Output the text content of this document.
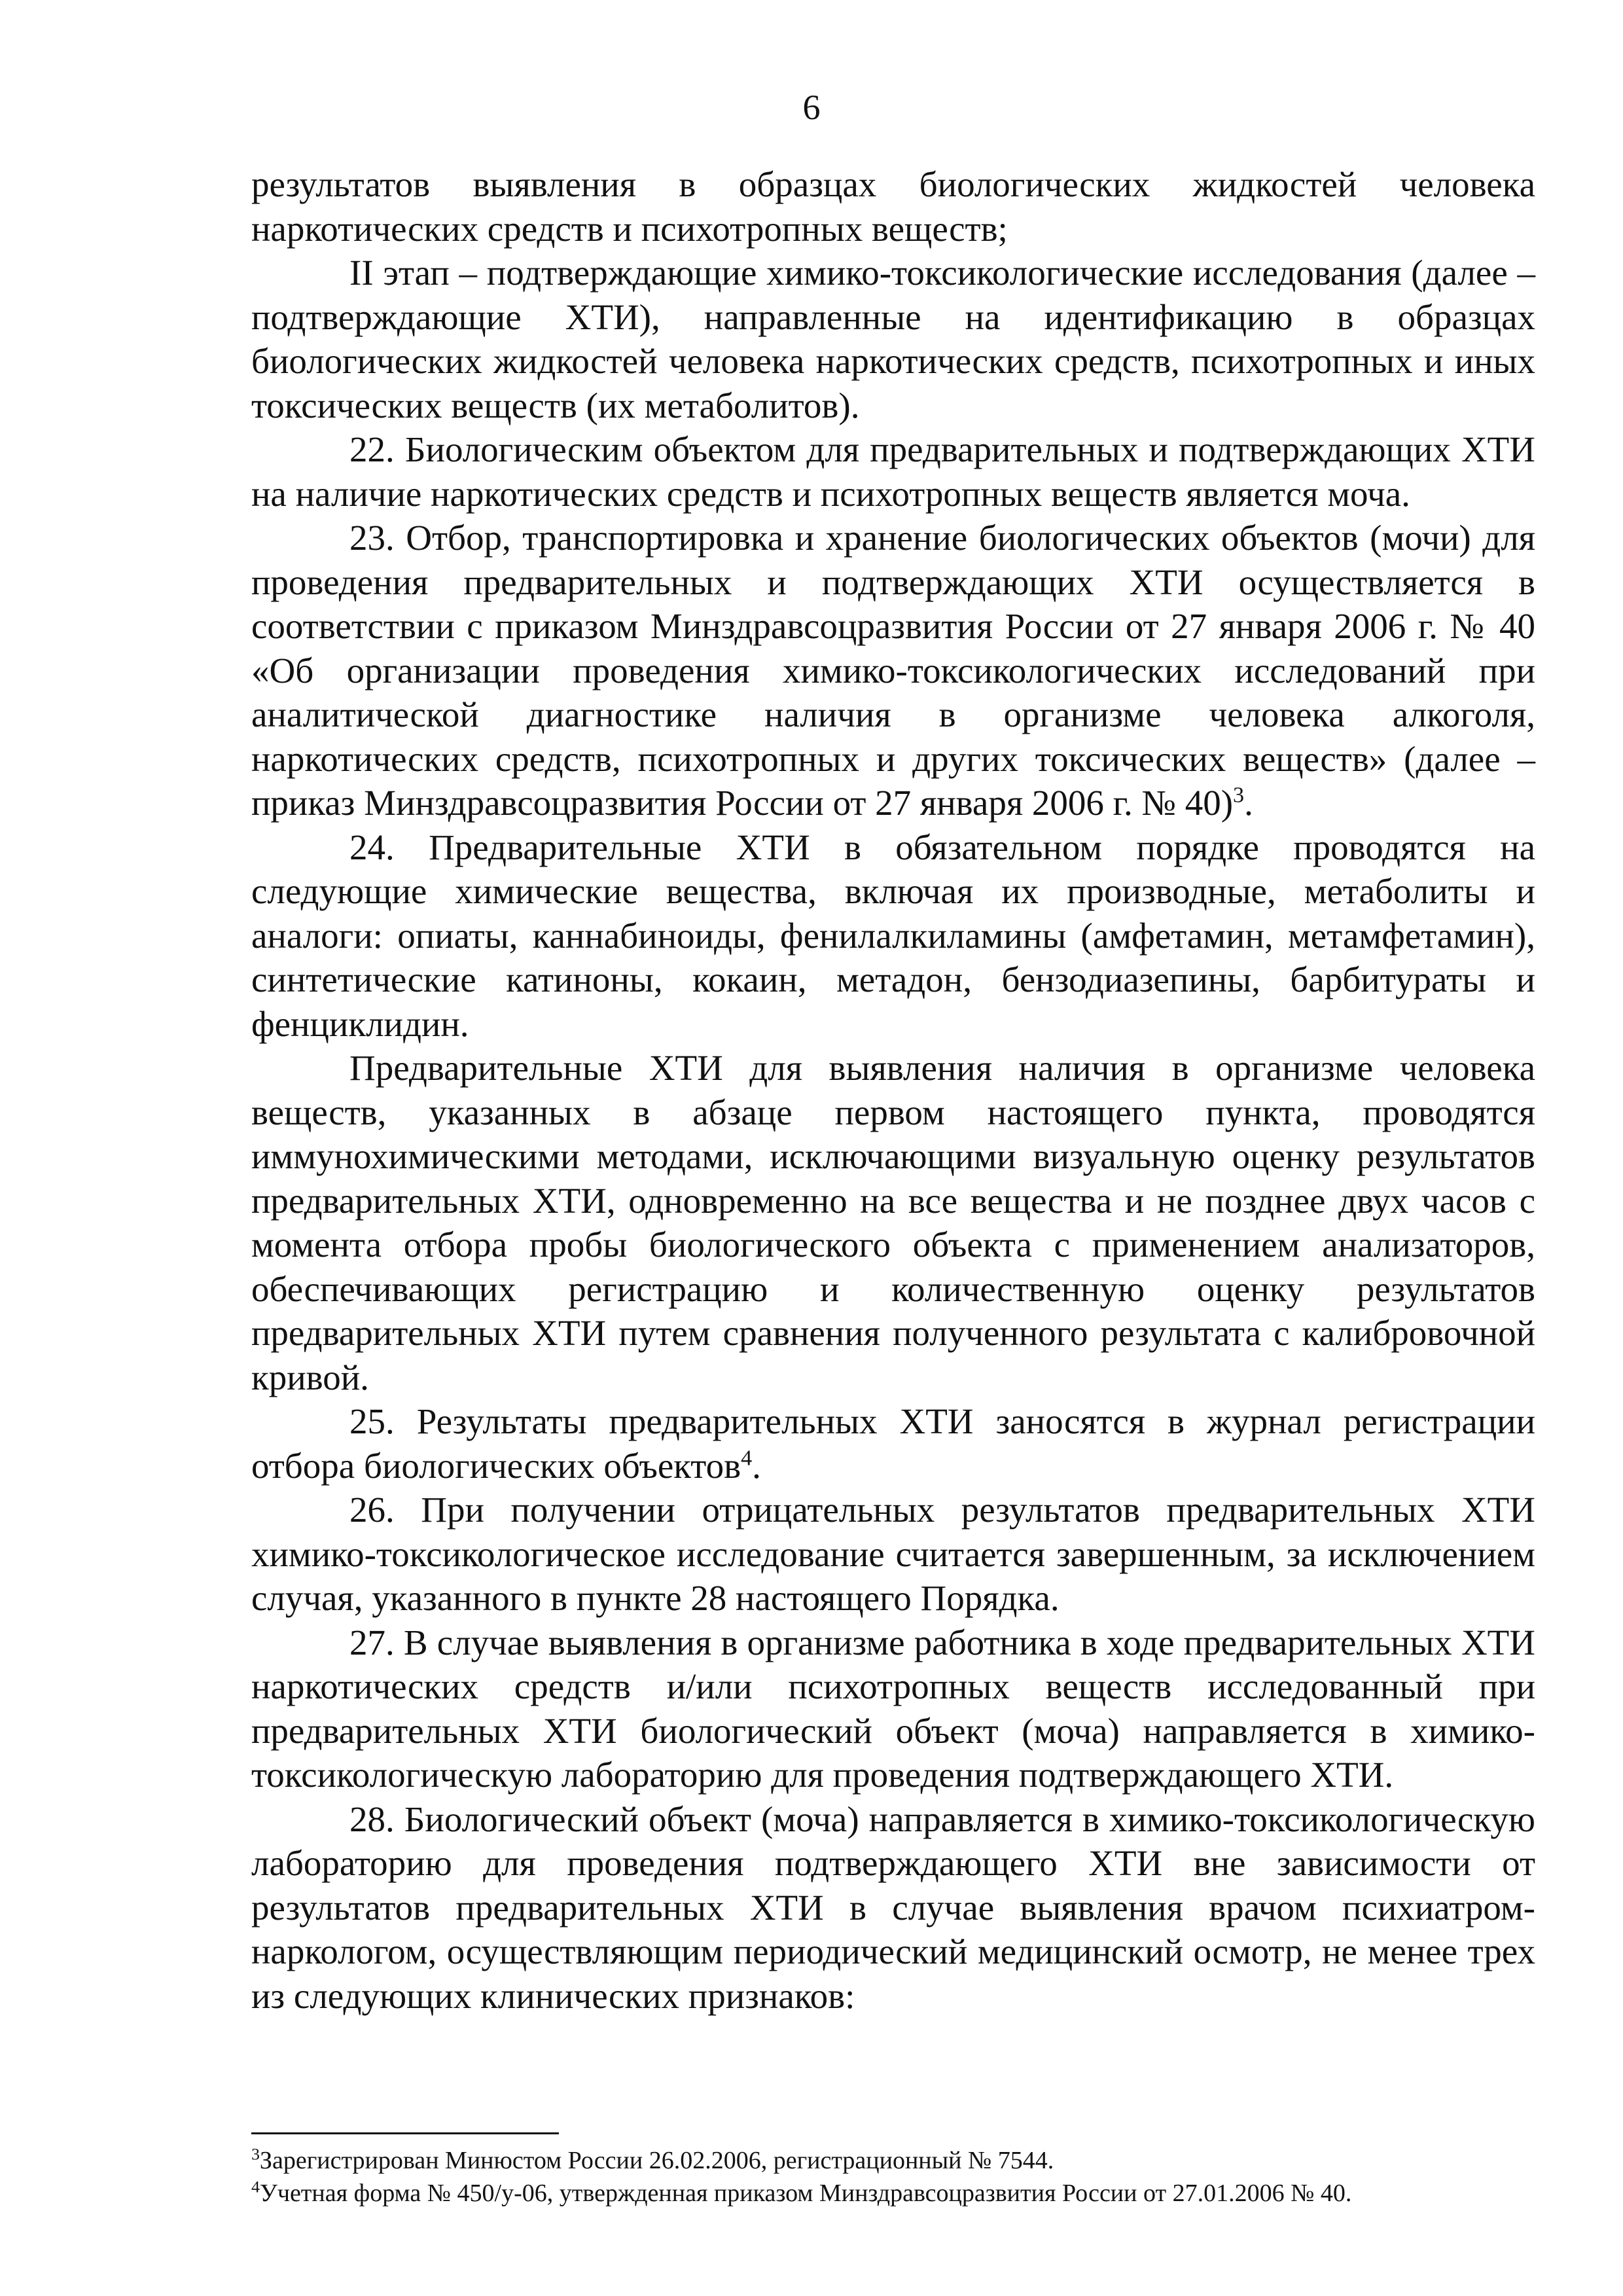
6

результатов выявления в образцах биологических жидкостей человека наркотических средств и психотропных веществ;

II этап – подтверждающие химико-токсикологические исследования (далее – подтверждающие ХТИ), направленные на идентификацию в образцах биологических жидкостей человека наркотических средств, психотропных и иных токсических веществ (их метаболитов).

22. Биологическим объектом для предварительных и подтверждающих ХТИ на наличие наркотических средств и психотропных веществ является моча.

23. Отбор, транспортировка и хранение биологических объектов (мочи) для проведения предварительных и подтверждающих ХТИ осуществляется в соответствии с приказом Минздравсоцразвития России от 27 января 2006 г. № 40 «Об организации проведения химико-токсикологических исследований при аналитической диагностике наличия в организме человека алкоголя, наркотических средств, психотропных и других токсических веществ» (далее – приказ Минздравсоцразвития России от 27 января 2006 г. № 40)$^3$.

24. Предварительные ХТИ в обязательном порядке проводятся на следующие химические вещества, включая их производные, метаболиты и аналоги: опиаты, каннабиноиды, фенилалкиламины (амфетамин, метамфетамин), синтетические катиноны, кокаин, метадон, бензодиазепины, барбитураты и фенциклидин.

Предварительные ХТИ для выявления наличия в организме человека веществ, указанных в абзаце первом настоящего пункта, проводятся иммунохимическими методами, исключающими визуальную оценку результатов предварительных ХТИ, одновременно на все вещества и не позднее двух часов с момента отбора пробы биологического объекта с применением анализаторов, обеспечивающих регистрацию и количественную оценку результатов предварительных ХТИ путем сравнения полученного результата с калибровочной кривой.

25. Результаты предварительных ХТИ заносятся в журнал регистрации отбора биологических объектов$^4$.

26. При получении отрицательных результатов предварительных ХТИ химико-токсикологическое исследование считается завершенным, за исключением случая, указанного в пункте 28 настоящего Порядка.

27. В случае выявления в организме работника в ходе предварительных ХТИ наркотических средств и/или психотропных веществ исследованный при предварительных ХТИ биологический объект (моча) направляется в химико-токсикологическую лабораторию для проведения подтверждающего ХТИ.

28. Биологический объект (моча) направляется в химико-токсикологическую лабораторию для проведения подтверждающего ХТИ вне зависимости от результатов предварительных ХТИ в случае выявления врачом психиатром-наркологом, осуществляющим периодический медицинский осмотр, не менее трех из следующих клинических признаков:

$^3$Зарегистрирован Минюстом России 26.02.2006, регистрационный № 7544.

$^4$Учетная форма № 450/у-06, утвержденная приказом Минздравсоцразвития России от 27.01.2006 № 40.
